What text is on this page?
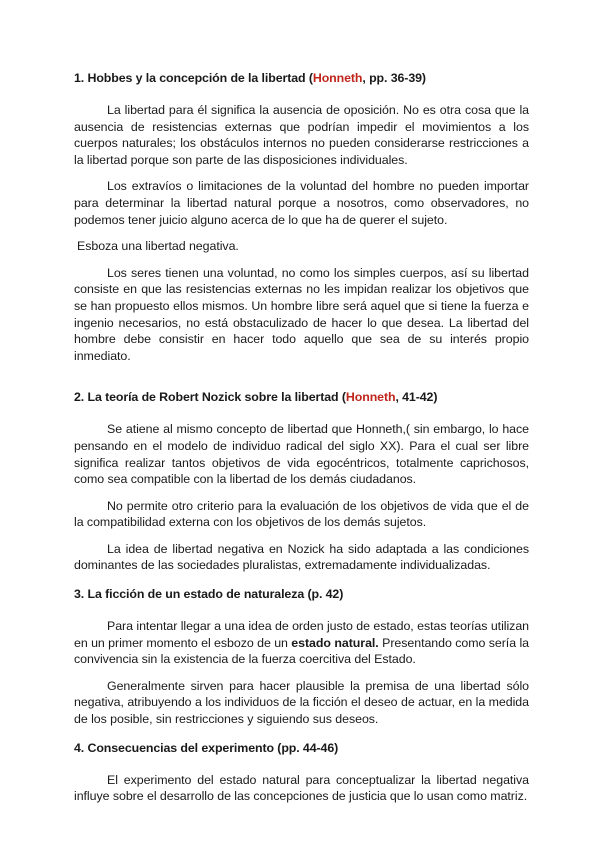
1. Hobbes y la concepción de la libertad (Honneth, pp. 36-39)

La libertad para él significa la ausencia de oposición. No es otra cosa que la ausencia de resistencias externas que podrían impedir el movimientos a los cuerpos naturales; los obstáculos internos no pueden considerarse restricciones a la libertad porque son parte de las disposiciones individuales.

Los extravíos o limitaciones de la voluntad del hombre no pueden importar para determinar la libertad natural porque a nosotros, como observadores, no podemos tener juicio alguno acerca de lo que ha de querer el sujeto.

Esboza una libertad negativa.

Los seres tienen una voluntad, no como los simples cuerpos, así su libertad consiste en que las resistencias externas no les impidan realizar los objetivos que se han propuesto ellos mismos. Un hombre libre será aquel que si tiene la fuerza e ingenio necesarios, no está obstaculizado de hacer lo que desea. La libertad del hombre debe consistir en hacer todo aquello que sea de su interés propio inmediato.

2. La teoría de Robert Nozick sobre la libertad (Honneth, 41-42)

Se atiene al mismo concepto de libertad que Honneth,( sin embargo, lo hace pensando en el modelo de individuo radical del siglo XX). Para el cual ser libre significa realizar tantos objetivos de vida egocéntricos, totalmente caprichosos, como sea compatible con la libertad de los demás ciudadanos.

No permite otro criterio para la evaluación de los objetivos de vida que el de la compatibilidad externa con los objetivos de los demás sujetos.

La idea de libertad negativa en Nozick ha sido adaptada a las condiciones dominantes de las sociedades pluralistas, extremadamente individualizadas.

3. La ficción de un estado de naturaleza (p. 42)

Para intentar llegar a una idea de orden justo de estado, estas teorías utilizan en un primer momento el esbozo de un estado natural. Presentando como sería la convivencia sin la existencia de la fuerza coercitiva del Estado.

Generalmente sirven para hacer plausible la premisa de una libertad sólo negativa, atribuyendo a los individuos de la ficción el deseo de actuar, en la medida de los posible, sin restricciones y siguiendo sus deseos.

4. Consecuencias del experimento (pp. 44-46)

El experimento del estado natural para conceptualizar la libertad negativa influye sobre el desarrollo de las concepciones de justicia que lo usan como matriz.
